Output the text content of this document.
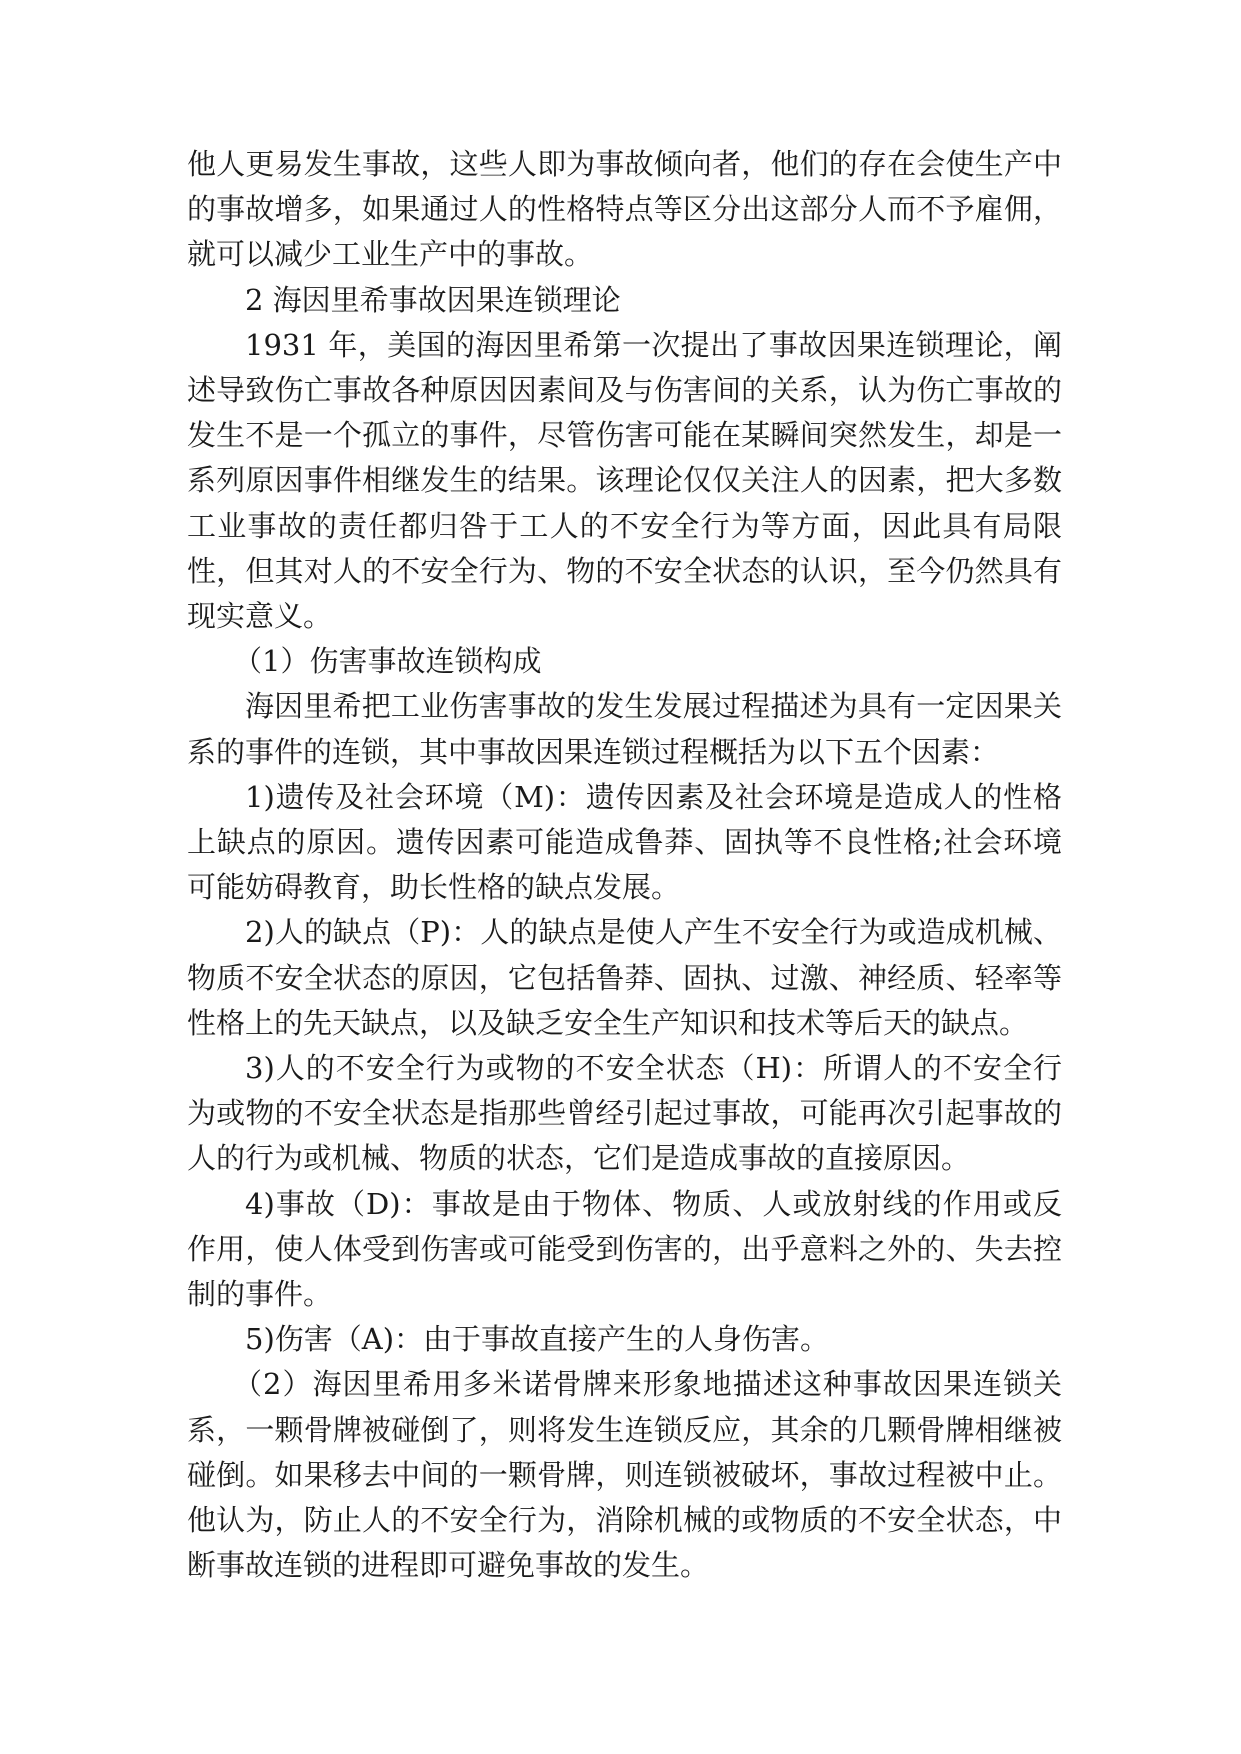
他人更易发生事故，这些人即为事故倾向者，他们的存在会使生产中的事故增多，如果通过人的性格特点等区分出这部分人而不予雇佣，就可以减少工业生产中的事故。

2 海因里希事故因果连锁理论

1931 年，美国的海因里希第一次提出了事故因果连锁理论，阐述导致伤亡事故各种原因因素间及与伤害间的关系，认为伤亡事故的发生不是一个孤立的事件，尽管伤害可能在某瞬间突然发生，却是一系列原因事件相继发生的结果。该理论仅仅关注人的因素，把大多数工业事故的责任都归咎于工人的不安全行为等方面，因此具有局限性，但其对人的不安全行为、物的不安全状态的认识，至今仍然具有现实意义。

（1）伤害事故连锁构成

海因里希把工业伤害事故的发生发展过程描述为具有一定因果关系的事件的连锁，其中事故因果连锁过程概括为以下五个因素：

1)遗传及社会环境（M)：遗传因素及社会环境是造成人的性格上缺点的原因。遗传因素可能造成鲁莽、固执等不良性格;社会环境可能妨碍教育，助长性格的缺点发展。

2)人的缺点（P)：人的缺点是使人产生不安全行为或造成机械、物质不安全状态的原因，它包括鲁莽、固执、过激、神经质、轻率等性格上的先天缺点，以及缺乏安全生产知识和技术等后天的缺点。

3)人的不安全行为或物的不安全状态（H)：所谓人的不安全行为或物的不安全状态是指那些曾经引起过事故，可能再次引起事故的人的行为或机械、物质的状态，它们是造成事故的直接原因。

4)事故（D)：事故是由于物体、物质、人或放射线的作用或反作用，使人体受到伤害或可能受到伤害的，出乎意料之外的、失去控制的事件。

5)伤害（A)：由于事故直接产生的人身伤害。

（2）海因里希用多米诺骨牌来形象地描述这种事故因果连锁关系，一颗骨牌被碰倒了，则将发生连锁反应，其余的几颗骨牌相继被碰倒。如果移去中间的一颗骨牌，则连锁被破坏，事故过程被中止。他认为，防止人的不安全行为，消除机械的或物质的不安全状态，中断事故连锁的进程即可避免事故的发生。
